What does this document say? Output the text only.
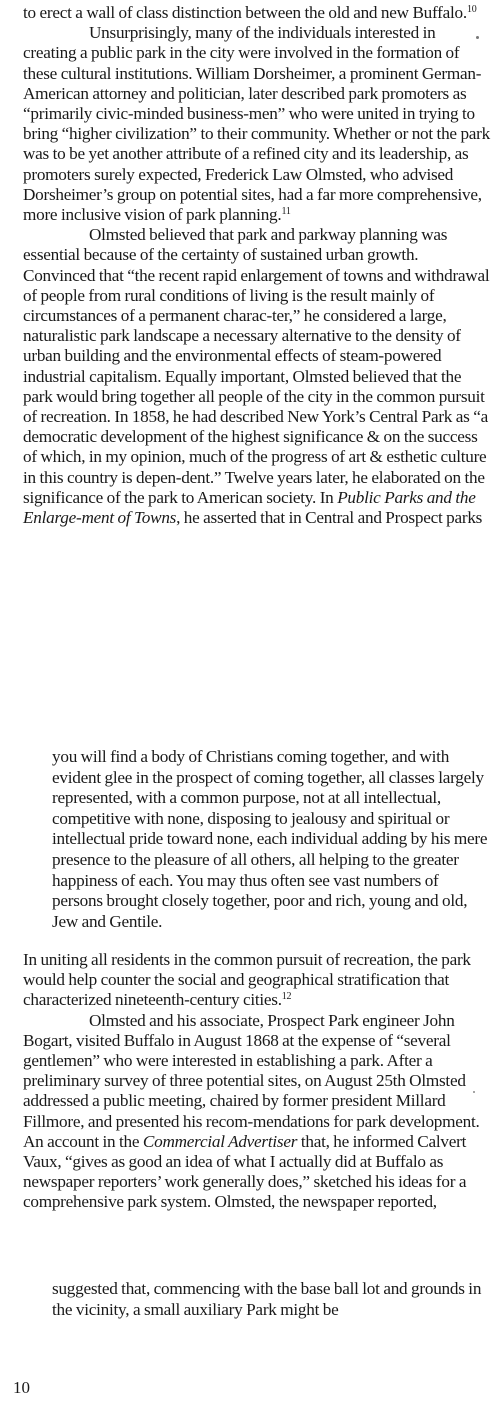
to erect a wall of class distinction between the old and new Buffalo.$^{10}$

Unsurprisingly, many of the individuals interested in creating a public park in the city were involved in the formation of these cultural institutions. William Dorsheimer, a prominent German-American attorney and politician, later described park promoters as “primarily civic-minded business-men” who were united in trying to bring “higher civilization” to their community. Whether or not the park was to be yet another attribute of a refined city and its leadership, as promoters surely expected, Frederick Law Olmsted, who advised Dorsheimer’s group on potential sites, had a far more comprehensive, more inclusive vision of park planning.$^{11}$

Olmsted believed that park and parkway planning was essential because of the certainty of sustained urban growth. Convinced that “the recent rapid enlargement of towns and withdrawal of people from rural conditions of living is the result mainly of circumstances of a permanent charac-ter,” he considered a large, naturalistic park landscape a necessary alternative to the density of urban building and the environmental effects of steam-powered industrial capitalism. Equally important, Olmsted believed that the park would bring together all people of the city in the common pursuit of recreation. In 1858, he had described New York’s Central Park as “a democratic development of the highest significance & on the success of which, in my opinion, much of the progress of art & esthetic culture in this country is depen-dent.” Twelve years later, he elaborated on the significance of the park to American society. In Public Parks and the Enlarge-ment of Towns, he asserted that in Central and Prospect parks

you will find a body of Christians coming together, and with evident glee in the prospect of coming together, all classes largely represented, with a common purpose, not at all intellectual, competitive with none, disposing to jealousy and spiritual or intellectual pride toward none, each individual adding by his mere presence to the pleasure of all others, all helping to the greater happiness of each. You may thus often see vast numbers of persons brought closely together, poor and rich, young and old, Jew and Gentile.

In uniting all residents in the common pursuit of recreation, the park would help counter the social and geographical stratification that characterized nineteenth-century cities.$^{12}$

Olmsted and his associate, Prospect Park engineer John Bogart, visited Buffalo in August 1868 at the expense of “several gentlemen” who were interested in establishing a park. After a preliminary survey of three potential sites, on August 25th Olmsted addressed a public meeting, chaired by former president Millard Fillmore, and presented his recom-mendations for park development. An account in the Commercial Advertiser that, he informed Calvert Vaux, “gives as good an idea of what I actually did at Buffalo as newspaper reporters’ work generally does,” sketched his ideas for a comprehensive park system. Olmsted, the newspaper reported,

suggested that, commencing with the base ball lot and grounds in the vicinity, a small auxiliary Park might be

10
